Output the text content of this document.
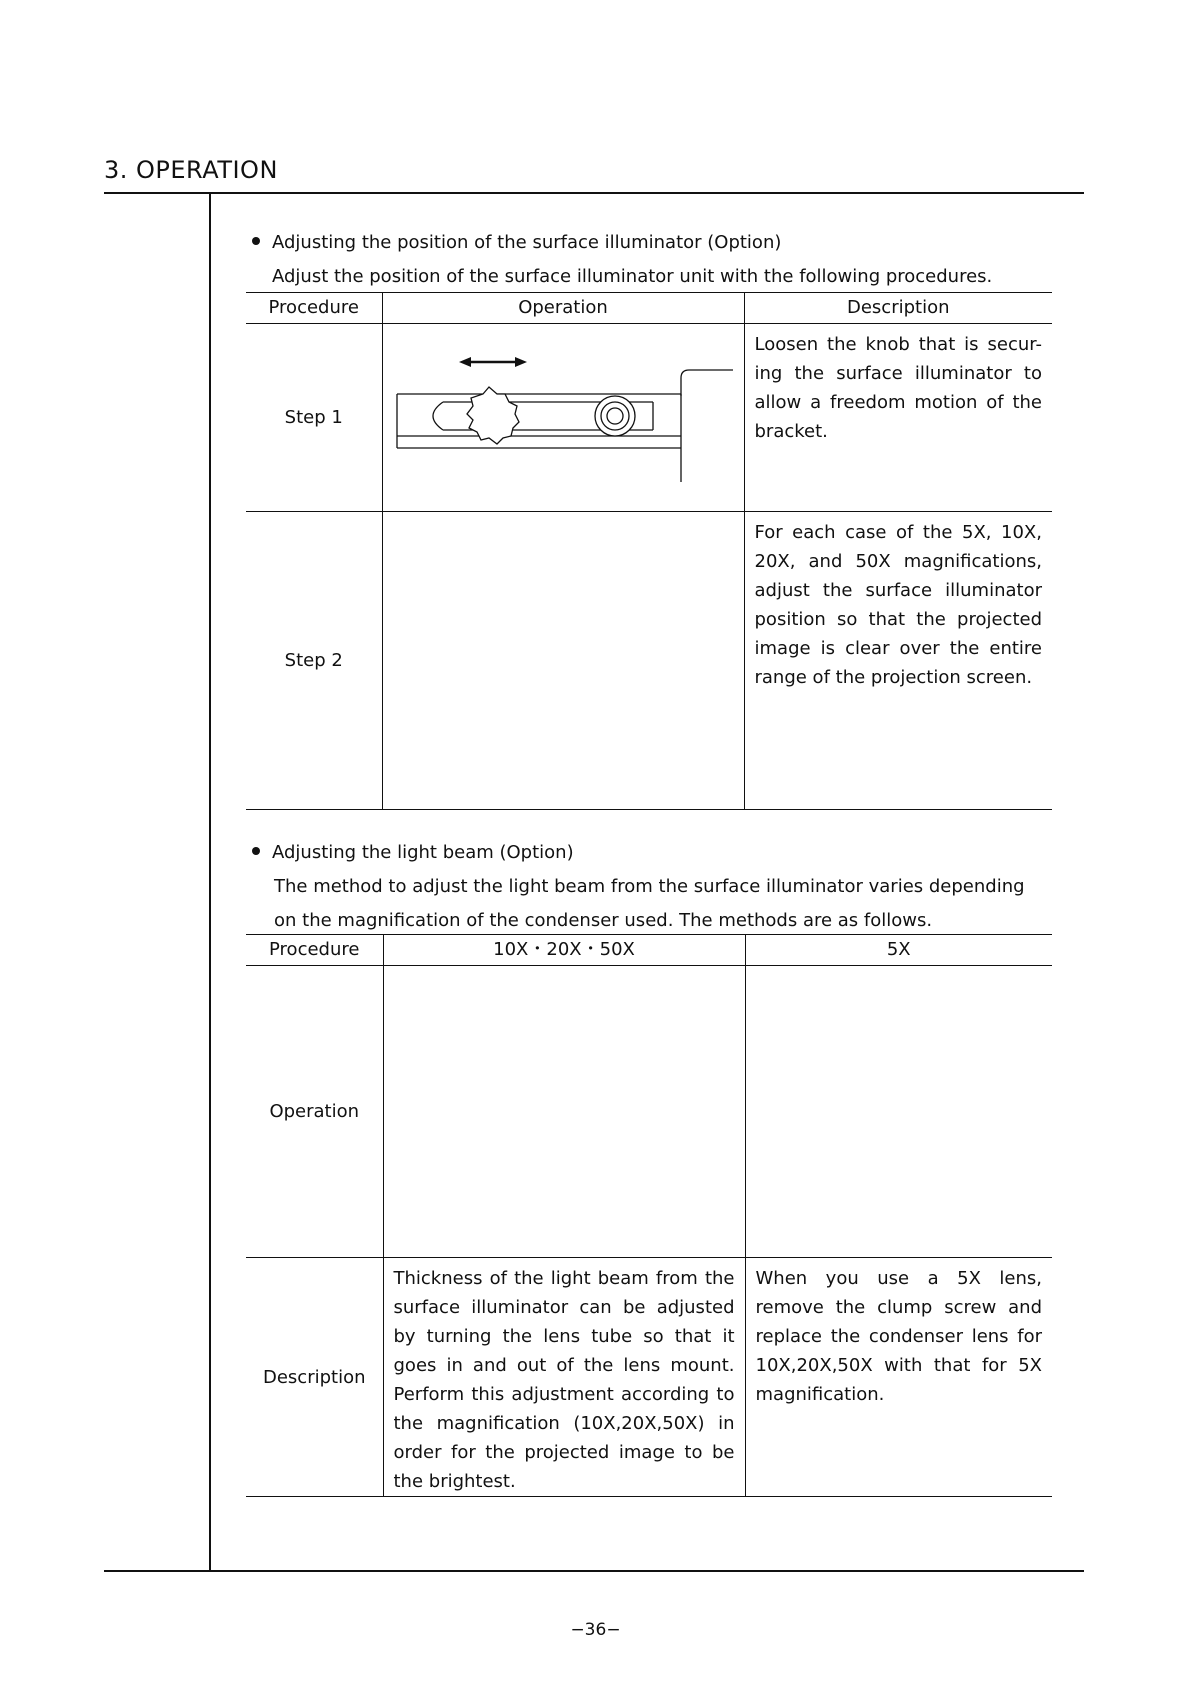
3. OPERATION
Adjusting the position of the surface illuminator (Option)
Adjust the position of the surface illuminator unit with the following procedures.
Procedure	Operation	Description
Step 1		Loosen the knob that is secur-ing the surface illuminator to allow a freedom motion of the bracket.

Step 2		For each case of the 5X, 10X, 20X, and 50X magnifications, adjust the surface illuminator position so that the projected image is clear over the entire range of the projection screen.
Adjusting the light beam (Option)
The method to adjust the light beam from the surface illuminator varies depending
on the magnification of the condenser used. The methods are as follows.
Procedure	10X・20X・50X	5X
Operation		
Description	Thickness of the light beam from the surface illuminator can be adjusted by turning the lens tube so that it goes in and out of the lens mount. Perform this adjustment according to the magnification (10X,20X,50X) in order for the projected image to be the brightest.	When you use a 5X lens, remove the clump screw and replace the condenser lens for 10X,20X,50X with that for 5X magnification.
−36−
